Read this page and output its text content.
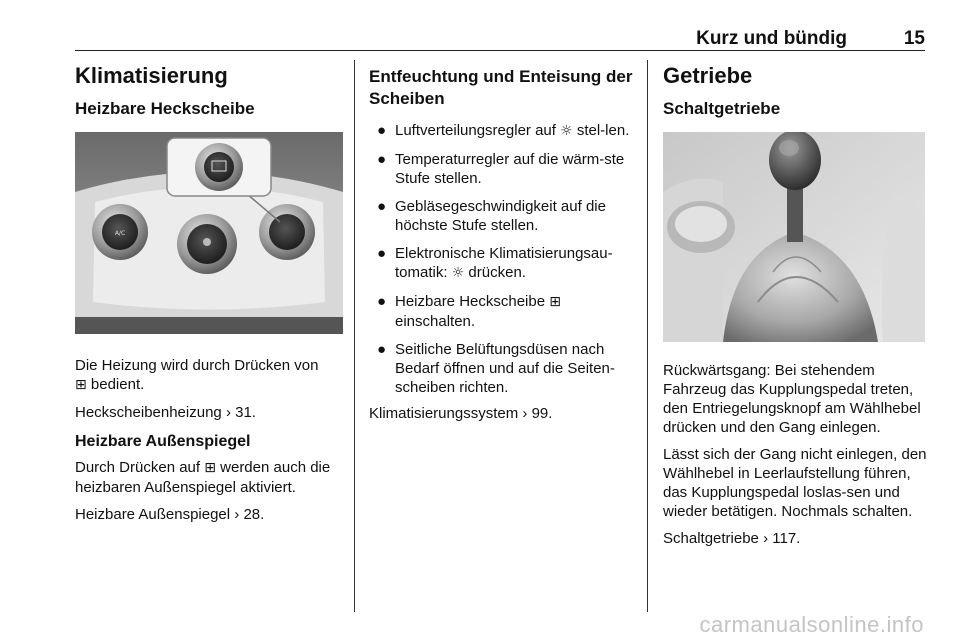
Kurz und bündig	15
Klimatisierung
Heizbare Heckscheibe
A/C

Die Heizung wird durch Drücken von
⊞ bedient.

Heckscheibenheizung › 31.

Heizbare Außenspiegel

Durch Drücken auf ⊞ werden auch die heizbaren Außenspiegel aktiviert.

Heizbare Außenspiegel › 28.

Entfeuchtung und Enteisung der Scheiben
● Luftverteilungsregler auf ☼ stel-len.
● Temperaturregler auf die wärm-ste Stufe stellen.
● Gebläsegeschwindigkeit auf die höchste Stufe stellen.
● Elektronische Klimatisierungsau-tomatik: ☼ drücken.
● Heizbare Heckscheibe ⊞ einschalten.
● Seitliche Belüftungsdüsen nach Bedarf öffnen und auf die Seiten-scheiben richten.

Klimatisierungssystem › 99.

Getriebe
Schaltgetriebe

Rückwärtsgang: Bei stehendem Fahrzeug das Kupplungspedal treten, den Entriegelungsknopf am Wählhebel drücken und den Gang einlegen.

Lässt sich der Gang nicht einlegen, den Wählhebel in Leerlaufstellung führen, das Kupplungspedal loslas-sen und wieder betätigen. Nochmals schalten.

Schaltgetriebe › 117.

carmanualsonline.info
